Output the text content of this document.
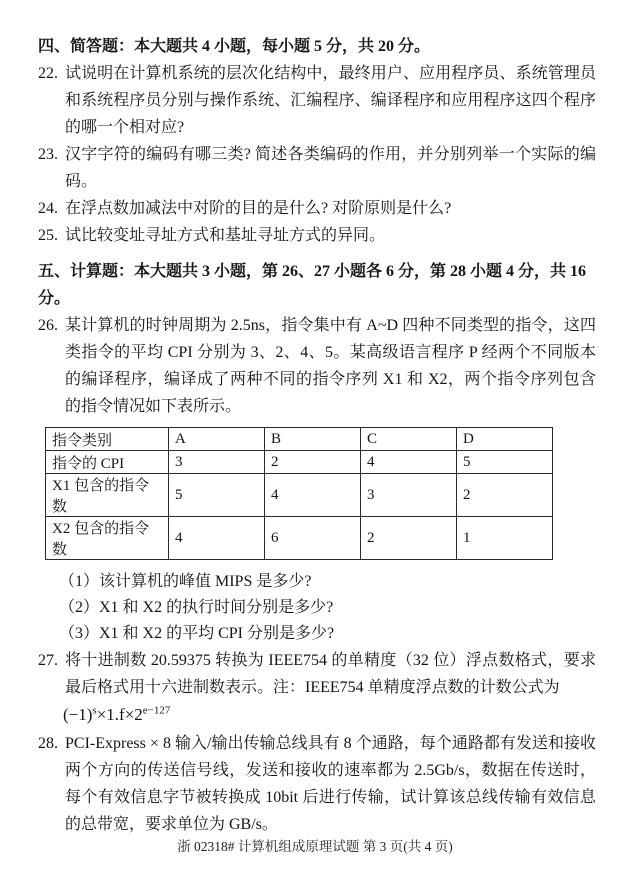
四、简答题：本大题共 4 小题，每小题 5 分，共 20 分。
22. 试说明在计算机系统的层次化结构中，最终用户、应用程序员、系统管理员和系统程序员分别与操作系统、汇编程序、编译程序和应用程序这四个程序的哪一个相对应?
23. 汉字字符的编码有哪三类? 简述各类编码的作用，并分别列举一个实际的编码。
24. 在浮点数加减法中对阶的目的是什么? 对阶原则是什么?
25. 试比较变址寻址方式和基址寻址方式的异同。
五、计算题：本大题共 3 小题，第 26、27 小题各 6 分，第 28 小题 4 分，共 16 分。
26. 某计算机的时钟周期为 2.5ns，指令集中有 A~D 四种不同类型的指令，这四类指令的平均 CPI 分别为 3、2、4、5。某高级语言程序 P 经两个不同版本的编译程序，编译成了两种不同的指令序列 X1 和 X2，两个指令序列包含的指令情况如下表所示。
指令类别	A	B	C	D
指令的 CPI	3	2	4	5
X1 包含的指令数	5	4	3	2
X2 包含的指令数	4	6	2	1
（1）该计算机的峰值 MIPS 是多少?
（2）X1 和 X2 的执行时间分别是多少?
（3）X1 和 X2 的平均 CPI 分别是多少?
27. 将十进制数 20.59375 转换为 IEEE754 的单精度（32 位）浮点数格式，要求最后格式用十六进制数表示。注：IEEE754 单精度浮点数的计数公式为
$(-1)^s\times 1.f\times 2^{e-127}$
28. PCI-Express × 8 输入/输出传输总线具有 8 个通路，每个通路都有发送和接收两个方向的传送信号线，发送和接收的速率都为 2.5Gb/s，数据在传送时，每个有效信息字节被转换成 10bit 后进行传输，试计算该总线传输有效信息的总带宽，要求单位为 GB/s。
浙 02318# 计算机组成原理试题 第 3 页(共 4 页)
